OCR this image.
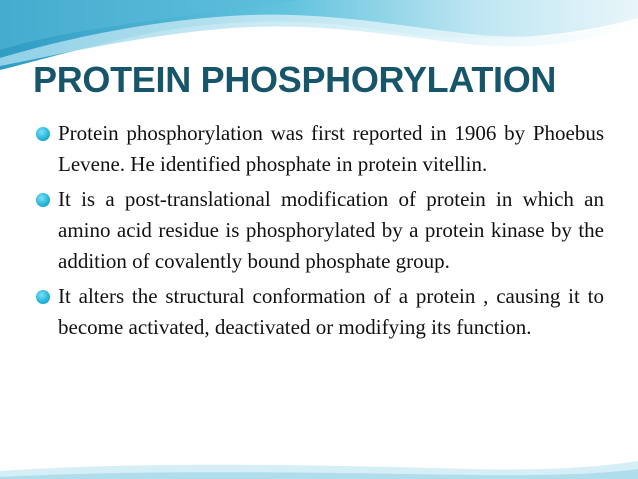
PROTEIN PHOSPHORYLATION
Protein phosphorylation was first reported in 1906 by Phoebus Levene. He identified phosphate in protein vitellin.
It is a post-translational modification of protein in which an amino acid residue is phosphorylated by a protein kinase by the addition of covalently bound phosphate group.
It alters the structural conformation of a protein , causing it to become activated, deactivated or modifying its function.
